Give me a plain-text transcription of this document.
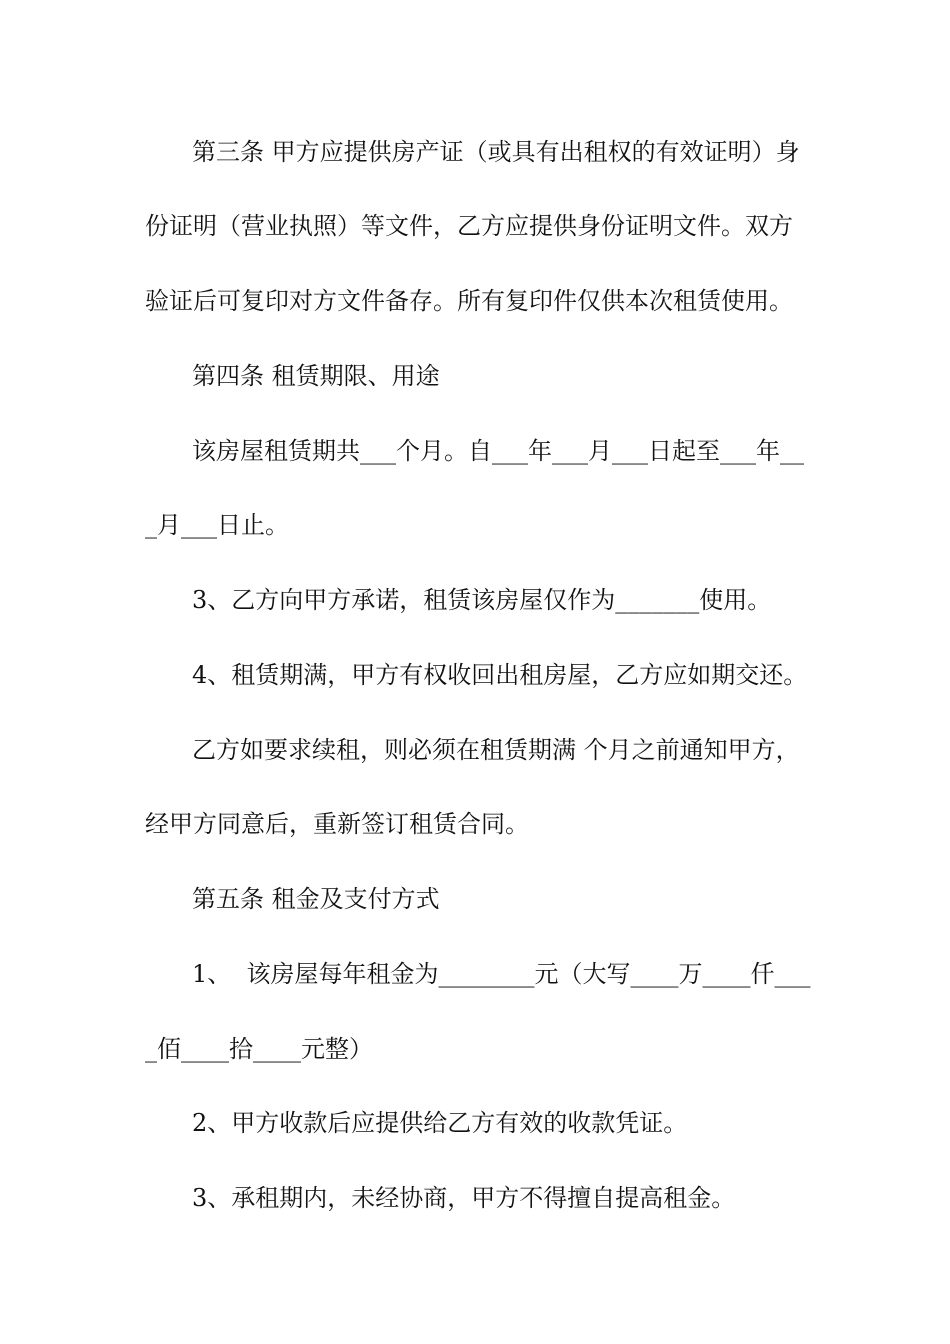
第三条 甲方应提供房产证（或具有出租权的有效证明）身
份证明（营业执照）等文件，乙方应提供身份证明文件。双方
验证后可复印对方文件备存。所有复印件仅供本次租赁使用。
第四条 租赁期限、用途
该房屋租赁期共___个月。自___年___月___日起至___年__
_月___日止。
3、乙方向甲方承诺，租赁该房屋仅作为_______使用。
4、租赁期满，甲方有权收回出租房屋，乙方应如期交还。
乙方如要求续租，则必须在租赁期满 个月之前通知甲方，
经甲方同意后，重新签订租赁合同。
第五条 租金及支付方式
1、  该房屋每年租金为________元（大写____万____仟___
_佰____拾____元整）
2、甲方收款后应提供给乙方有效的收款凭证。
3、承租期内，未经协商，甲方不得擅自提高租金。
